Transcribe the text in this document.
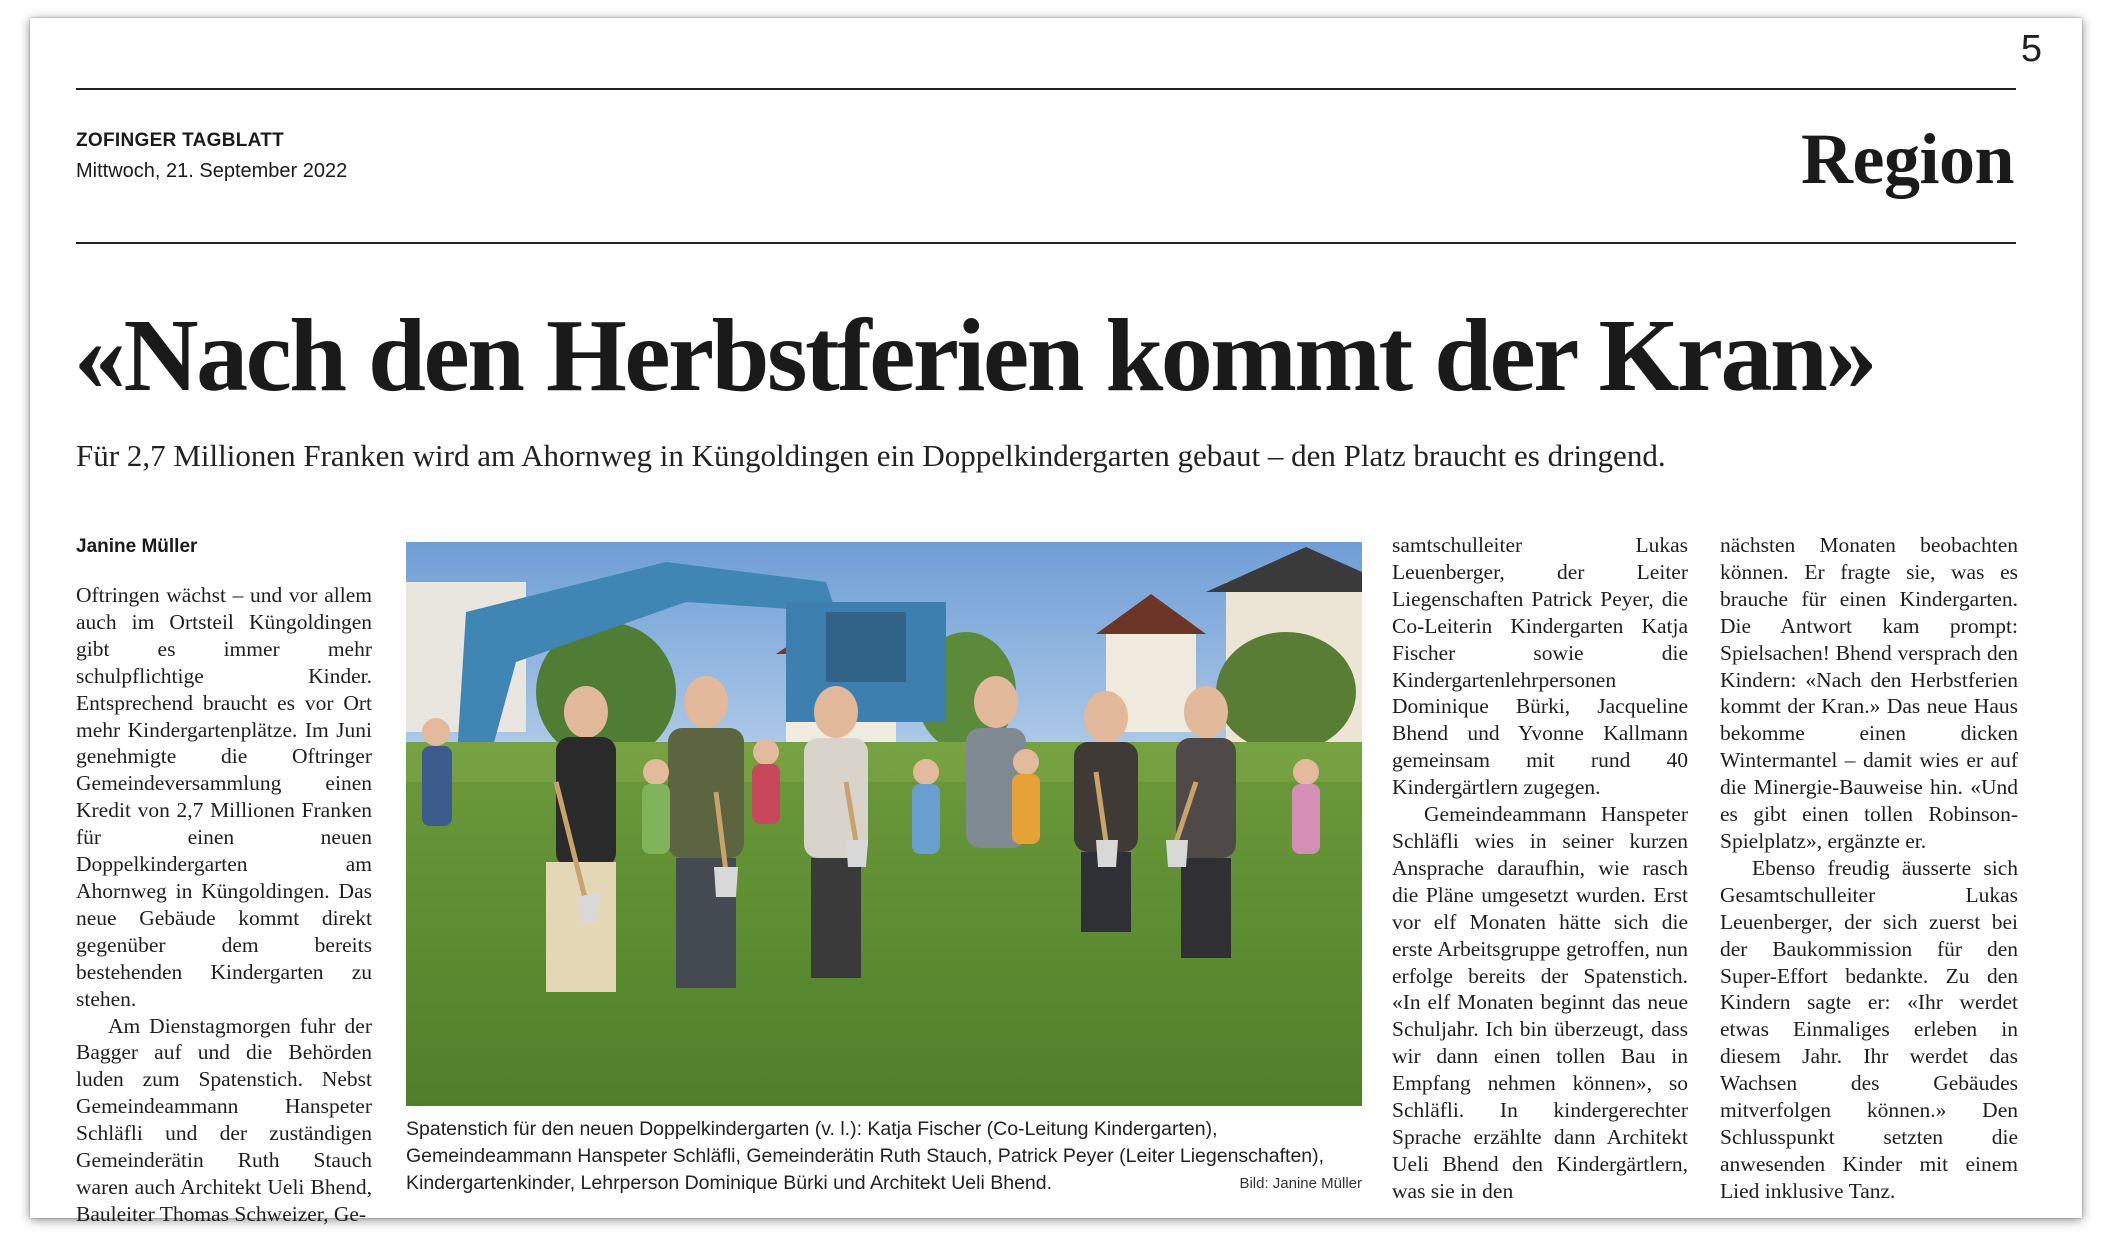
5
ZOFINGER TAGBLATT
Mittwoch, 21. September 2022	Region
«Nach den Herbstferien kommt der Kran»
Für 2,7 Millionen Franken wird am Ahornweg in Küngoldingen ein Doppelkindergarten gebaut – den Platz braucht es dringend.
Janine Müller

Oftringen wächst – und vor allem auch im Ortsteil Küngoldingen gibt es immer mehr schulpflichtige Kinder. Entsprechend braucht es vor Ort mehr Kindergartenplätze. Im Juni genehmigte die Oftringer Gemeindeversammlung einen Kredit von 2,7 Millionen Franken für einen neuen Doppelkindergarten am Ahornweg in Küngoldingen. Das neue Gebäude kommt direkt gegenüber dem bereits bestehenden Kindergarten zu stehen.

Am Dienstagmorgen fuhr der Bagger auf und die Behörden luden zum Spatenstich. Nebst Gemeindeammann Hanspeter Schläfli und der zuständigen Gemeinderätin Ruth Stauch waren auch Architekt Ueli Bhend, Bauleiter Thomas Schweizer, Ge-

Spatenstich für den neuen Doppelkindergarten (v. l.): Katja Fischer (Co-Leitung Kindergarten), Gemeindeammann Hanspeter Schläfli, Gemeinderätin Ruth Stauch, Patrick Peyer (Leiter Liegenschaften), Kindergartenkinder, Lehrperson Dominique Bürki und Architekt Ueli Bhend.	Bild: Janine Müller

samtschulleiter Lukas Leuenberger, der Leiter Liegenschaften Patrick Peyer, die Co-Leiterin Kindergarten Katja Fischer sowie die Kindergartenlehrpersonen Dominique Bürki, Jacqueline Bhend und Yvonne Kallmann gemeinsam mit rund 40 Kindergärtlern zugegen.

Gemeindeammann Hanspeter Schläfli wies in seiner kurzen Ansprache daraufhin, wie rasch die Pläne umgesetzt wurden. Erst vor elf Monaten hätte sich die erste Arbeitsgruppe getroffen, nun erfolge bereits der Spatenstich. «In elf Monaten beginnt das neue Schuljahr. Ich bin überzeugt, dass wir dann einen tollen Bau in Empfang nehmen können», so Schläfli. In kindergerechter Sprache erzählte dann Architekt Ueli Bhend den Kindergärtlern, was sie in den

nächsten Monaten beobachten können. Er fragte sie, was es brauche für einen Kindergarten. Die Antwort kam prompt: Spielsachen! Bhend versprach den Kindern: «Nach den Herbstferien kommt der Kran.» Das neue Haus bekomme einen dicken Wintermantel – damit wies er auf die Minergie-Bauweise hin. «Und es gibt einen tollen Robinson-Spielplatz», ergänzte er.

Ebenso freudig äusserte sich Gesamtschulleiter Lukas Leuenberger, der sich zuerst bei der Baukommission für den Super-Effort bedankte. Zu den Kindern sagte er: «Ihr werdet etwas Einmaliges erleben in diesem Jahr. Ihr werdet das Wachsen des Gebäudes mitverfolgen können.» Den Schlusspunkt setzten die anwesenden Kinder mit einem Lied inklusive Tanz.
